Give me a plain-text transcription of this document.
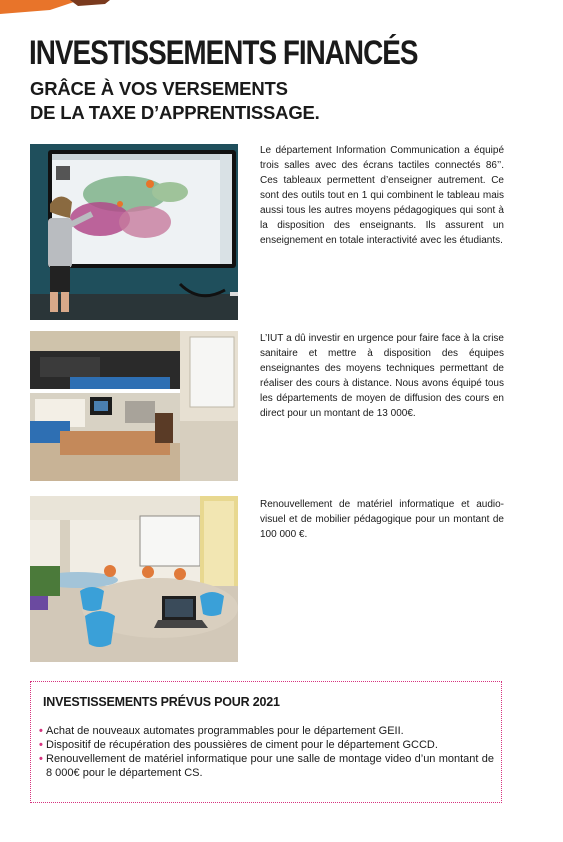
INVESTISSEMENTS FINANCÉS
GRÂCE À VOS VERSEMENTS
DE LA TAXE D’APPRENTISSAGE.

Le département Information Communication a équipé trois salles avec des écrans tactiles connectés 86’’. Ces tableaux permettent d’enseigner autrement. Ce sont des outils tout en 1 qui combinent le tableau mais aussi tous les autres moyens pédagogiques qui sont à la disposition des enseignants. Ils assurent un enseignement en totale interactivité avec les étudiants.

L’IUT a dû investir en urgence pour faire face à la crise sanitaire et mettre à disposition des équipes enseignantes des moyens techniques permettant de réaliser des cours à distance. Nous avons équipé tous les départements de moyen de diffusion des cours en direct pour un montant de 13 000€.

Renouvellement de matériel informatique et audio-visuel et de mobilier pédagogique pour un montant de 100 000 €.

INVESTISSEMENTS PRÉVUS POUR 2021
• Achat de nouveaux automates programmables pour le département GEII.
• Dispositif de récupération des poussières de ciment pour le département GCCD.
• Renouvellement de matériel informatique pour une salle de montage video d’un montant de 8 000€ pour le département CS.
